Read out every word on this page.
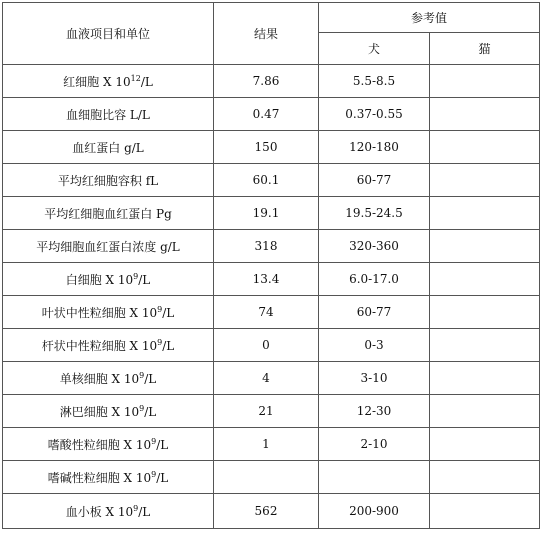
血液项目和单位	结果	参考值	
		犬	猫
红细胞 X $10^{12}/L$	7.86	5.5-8.5	
血细胞比容 L/L	0.47	0.37-0.55	
血红蛋白 g/L	150	120-180	
平均红细胞容积 fL	60.1	60-77	
平均红细胞血红蛋白 Pg	19.1	19.5-24.5	
平均细胞血红蛋白浓度 g/L	318	320-360	
白细胞 X $10^9/L$	13.4	6.0-17.0	
叶状中性粒细胞 X $10^9/L$	74	60-77	
杆状中性粒细胞 X $10^9/L$	0	0-3	
单核细胞 X $10^9/L$	4	3-10	
淋巴细胞 X $10^9/L$	21	12-30	
嗜酸性粒细胞 X $10^9/L$	1	2-10	
嗜碱性粒细胞 X $10^9/L$			
血小板 X $10^9/L$	562	200-900	
